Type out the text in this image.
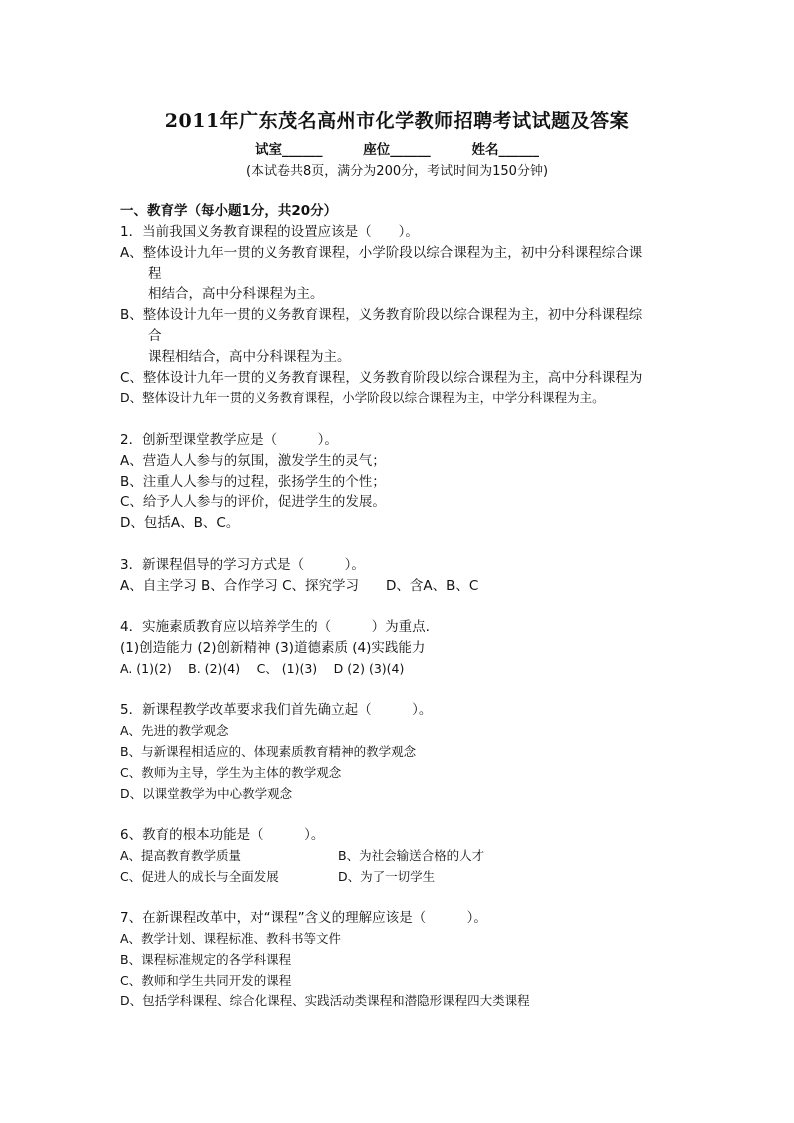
2011年广东茂名高州市化学教师招聘考试试题及答案
试室______	座位______	姓名______
(本试卷共8页，满分为200分，考试时间为150分钟)
一、教育学（每小题1分，共20分）
1．当前我国义务教育课程的设置应该是（　　）。
A、整体设计九年一贯的义务教育课程，小学阶段以综合课程为主，初中分科课程综合课
程
相结合，高中分科课程为主。
B、整体设计九年一贯的义务教育课程，义务教育阶段以综合课程为主，初中分科课程综
合
课程相结合，高中分科课程为主。
C、整体设计九年一贯的义务教育课程，义务教育阶段以综合课程为主，高中分科课程为
D、整体设计九年一贯的义务教育课程，小学阶段以综合课程为主，中学分科课程为主。
2．创新型课堂教学应是（　　　）。
A、营造人人参与的氛围，激发学生的灵气；
B、注重人人参与的过程，张扬学生的个性；
C、给予人人参与的评价，促进学生的发展。
D、包括A、B、C。
3．新课程倡导的学习方式是（　　　）。
A、自主学习 B、合作学习 C、探究学习　　D、含A、B、C
4．实施素质教育应以培养学生的（　　　）为重点.
(1)创造能力 (2)创新精神 (3)道德素质 (4)实践能力
A. (1)(2)　 B. (2)(4)　 C、 (1)(3)　 D (2) (3)(4)
5．新课程教学改革要求我们首先确立起（　　　）。
A、先进的教学观念
B、与新课程相适应的、体现素质教育精神的教学观念
C、教师为主导，学生为主体的教学观念
D、以课堂教学为中心教学观念
6、教育的根本功能是（　　　）。
A、提高教育教学质量	B、为社会输送合格的人才
C、促进人的成长与全面发展	D、为了一切学生
7、在新课程改革中，对“课程”含义的理解应该是（　　　）。
A、教学计划、课程标准、教科书等文件
B、课程标准规定的各学科课程
C、教师和学生共同开发的课程
D、包括学科课程、综合化课程、实践活动类课程和潜隐形课程四大类课程
